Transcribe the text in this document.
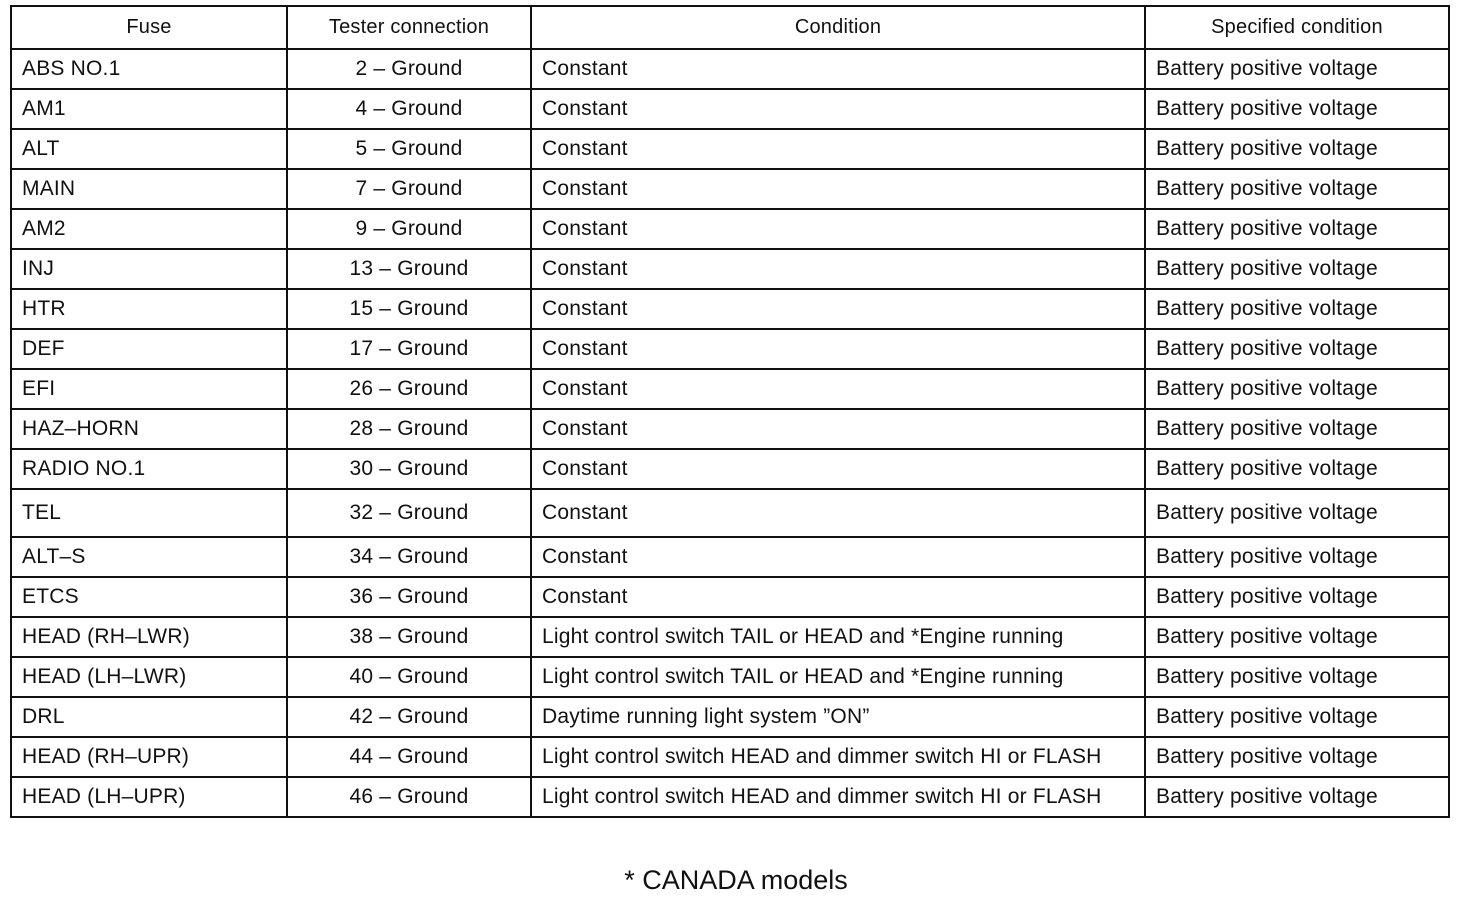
Fuse	Tester connection	Condition	Specified condition
ABS NO.1	2 – Ground	Constant	Battery positive voltage
AM1	4 – Ground	Constant	Battery positive voltage
ALT	5 – Ground	Constant	Battery positive voltage
MAIN	7 – Ground	Constant	Battery positive voltage
AM2	9 – Ground	Constant	Battery positive voltage
INJ	13 – Ground	Constant	Battery positive voltage
HTR	15 – Ground	Constant	Battery positive voltage
DEF	17 – Ground	Constant	Battery positive voltage
EFI	26 – Ground	Constant	Battery positive voltage
HAZ–HORN	28 – Ground	Constant	Battery positive voltage
RADIO NO.1	30 – Ground	Constant	Battery positive voltage
TEL	32 – Ground	Constant	Battery positive voltage
ALT–S	34 – Ground	Constant	Battery positive voltage
ETCS	36 – Ground	Constant	Battery positive voltage
HEAD (RH–LWR)	38 – Ground	Light control switch TAIL or HEAD and *Engine running	Battery positive voltage
HEAD (LH–LWR)	40 – Ground	Light control switch TAIL or HEAD and *Engine running	Battery positive voltage
DRL	42 – Ground	Daytime running light system ”ON”	Battery positive voltage
HEAD (RH–UPR)	44 – Ground	Light control switch HEAD and dimmer switch HI or FLASH	Battery positive voltage
HEAD (LH–UPR)	46 – Ground	Light control switch HEAD and dimmer switch HI or FLASH	Battery positive voltage
* CANADA models
